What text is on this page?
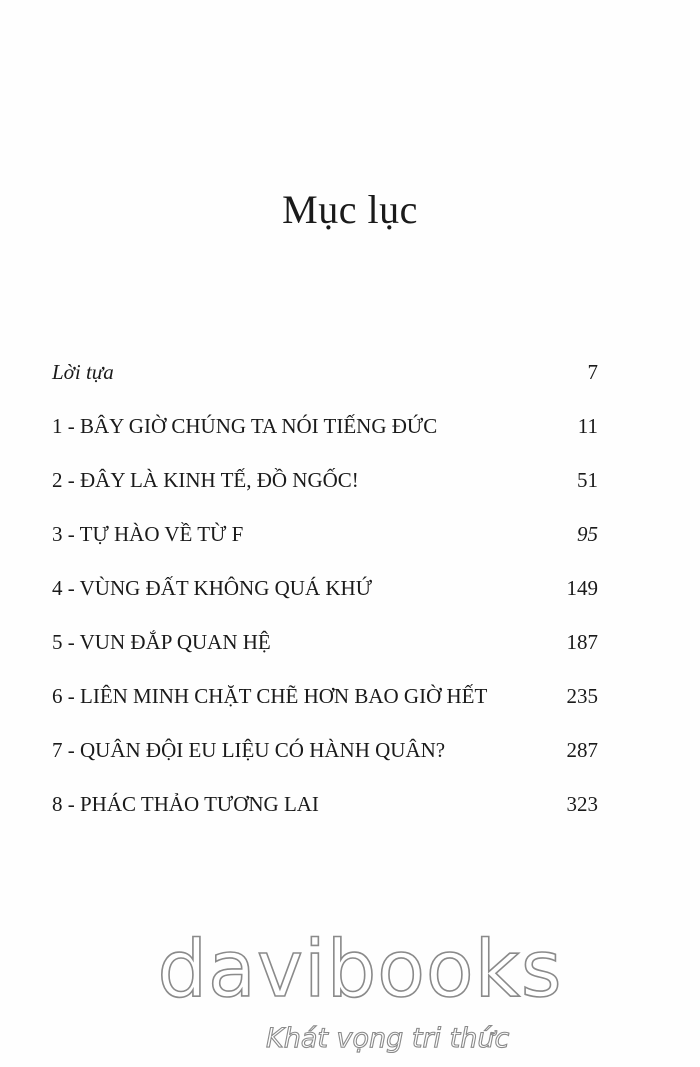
Mục lục
Lời tựa	7
1 - BÂY GIỜ CHÚNG TA NÓI TIẾNG ĐỨC	11
2 - ĐÂY LÀ KINH TẾ, ĐỒ NGỐC!	51
3 - TỰ HÀO VỀ TỪ F	95
4 - VÙNG ĐẤT KHÔNG QUÁ KHỨ	149
5 - VUN ĐẮP QUAN HỆ	187
6 - LIÊN MINH CHẶT CHẼ HƠN BAO GIỜ HẾT	235
7 - QUÂN ĐỘI EU LIỆU CÓ HÀNH QUÂN?	287
8 - PHÁC THẢO TƯƠNG LAI	323
davibooks
Khát vọng tri thức
